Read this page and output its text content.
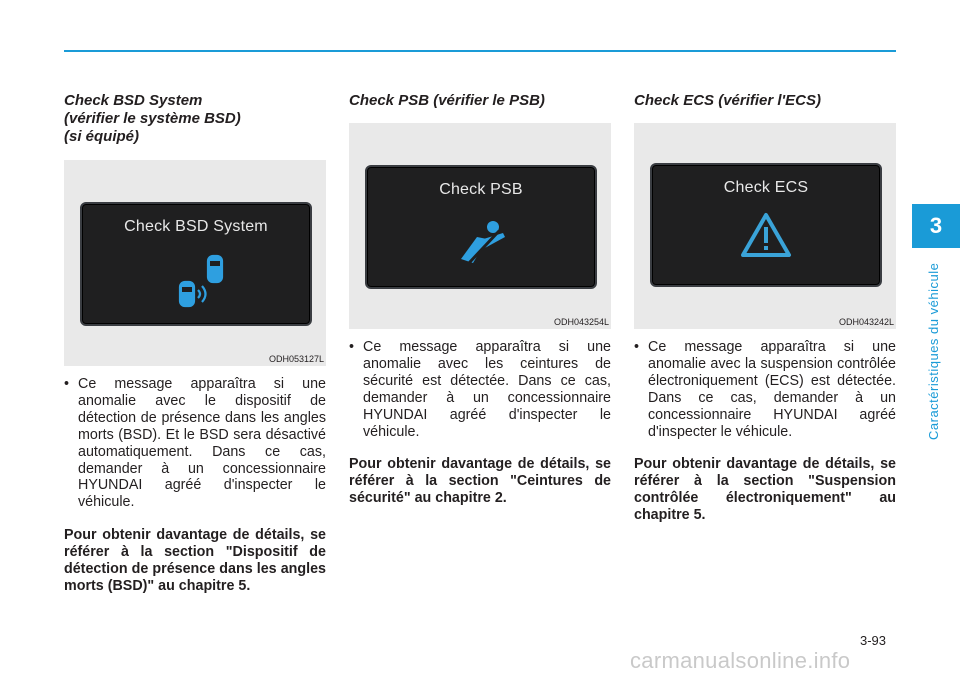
3
Caractéristiques du véhicule
Check BSD System
(vérifier le système BSD)
(si équipé)
Check BSD System
ODH053127L

• Ce message apparaîtra si une anomalie avec le dispositif de détection de présence dans les angles morts (BSD). Et le BSD sera désactivé automatiquement. Dans ce cas, demander à un concessionnaire HYUNDAI agréé d'inspecter le véhicule.

Pour obtenir davantage de détails, se référer à la section "Dispositif de détection de présence dans les angles morts (BSD)" au chapitre 5.

Check PSB (vérifier le PSB)
Check PSB
ODH043254L

• Ce message apparaîtra si une anomalie avec les ceintures de sécurité est détectée. Dans ce cas, demander à un concessionnaire HYUNDAI agréé d'inspecter le véhicule.

Pour obtenir davantage de détails, se référer à la section "Ceintures de sécurité" au chapitre 2.

Check ECS (vérifier l'ECS)
Check ECS
ODH043242L

• Ce message apparaîtra si une anomalie avec la suspension contrôlée électroniquement (ECS) est détectée. Dans ce cas, demander à un concessionnaire HYUNDAI agréé d'inspecter le véhicule.

Pour obtenir davantage de détails, se référer à la section "Suspension contrôlée électroniquement" au chapitre 5.

3-93
carmanualsonline.info
